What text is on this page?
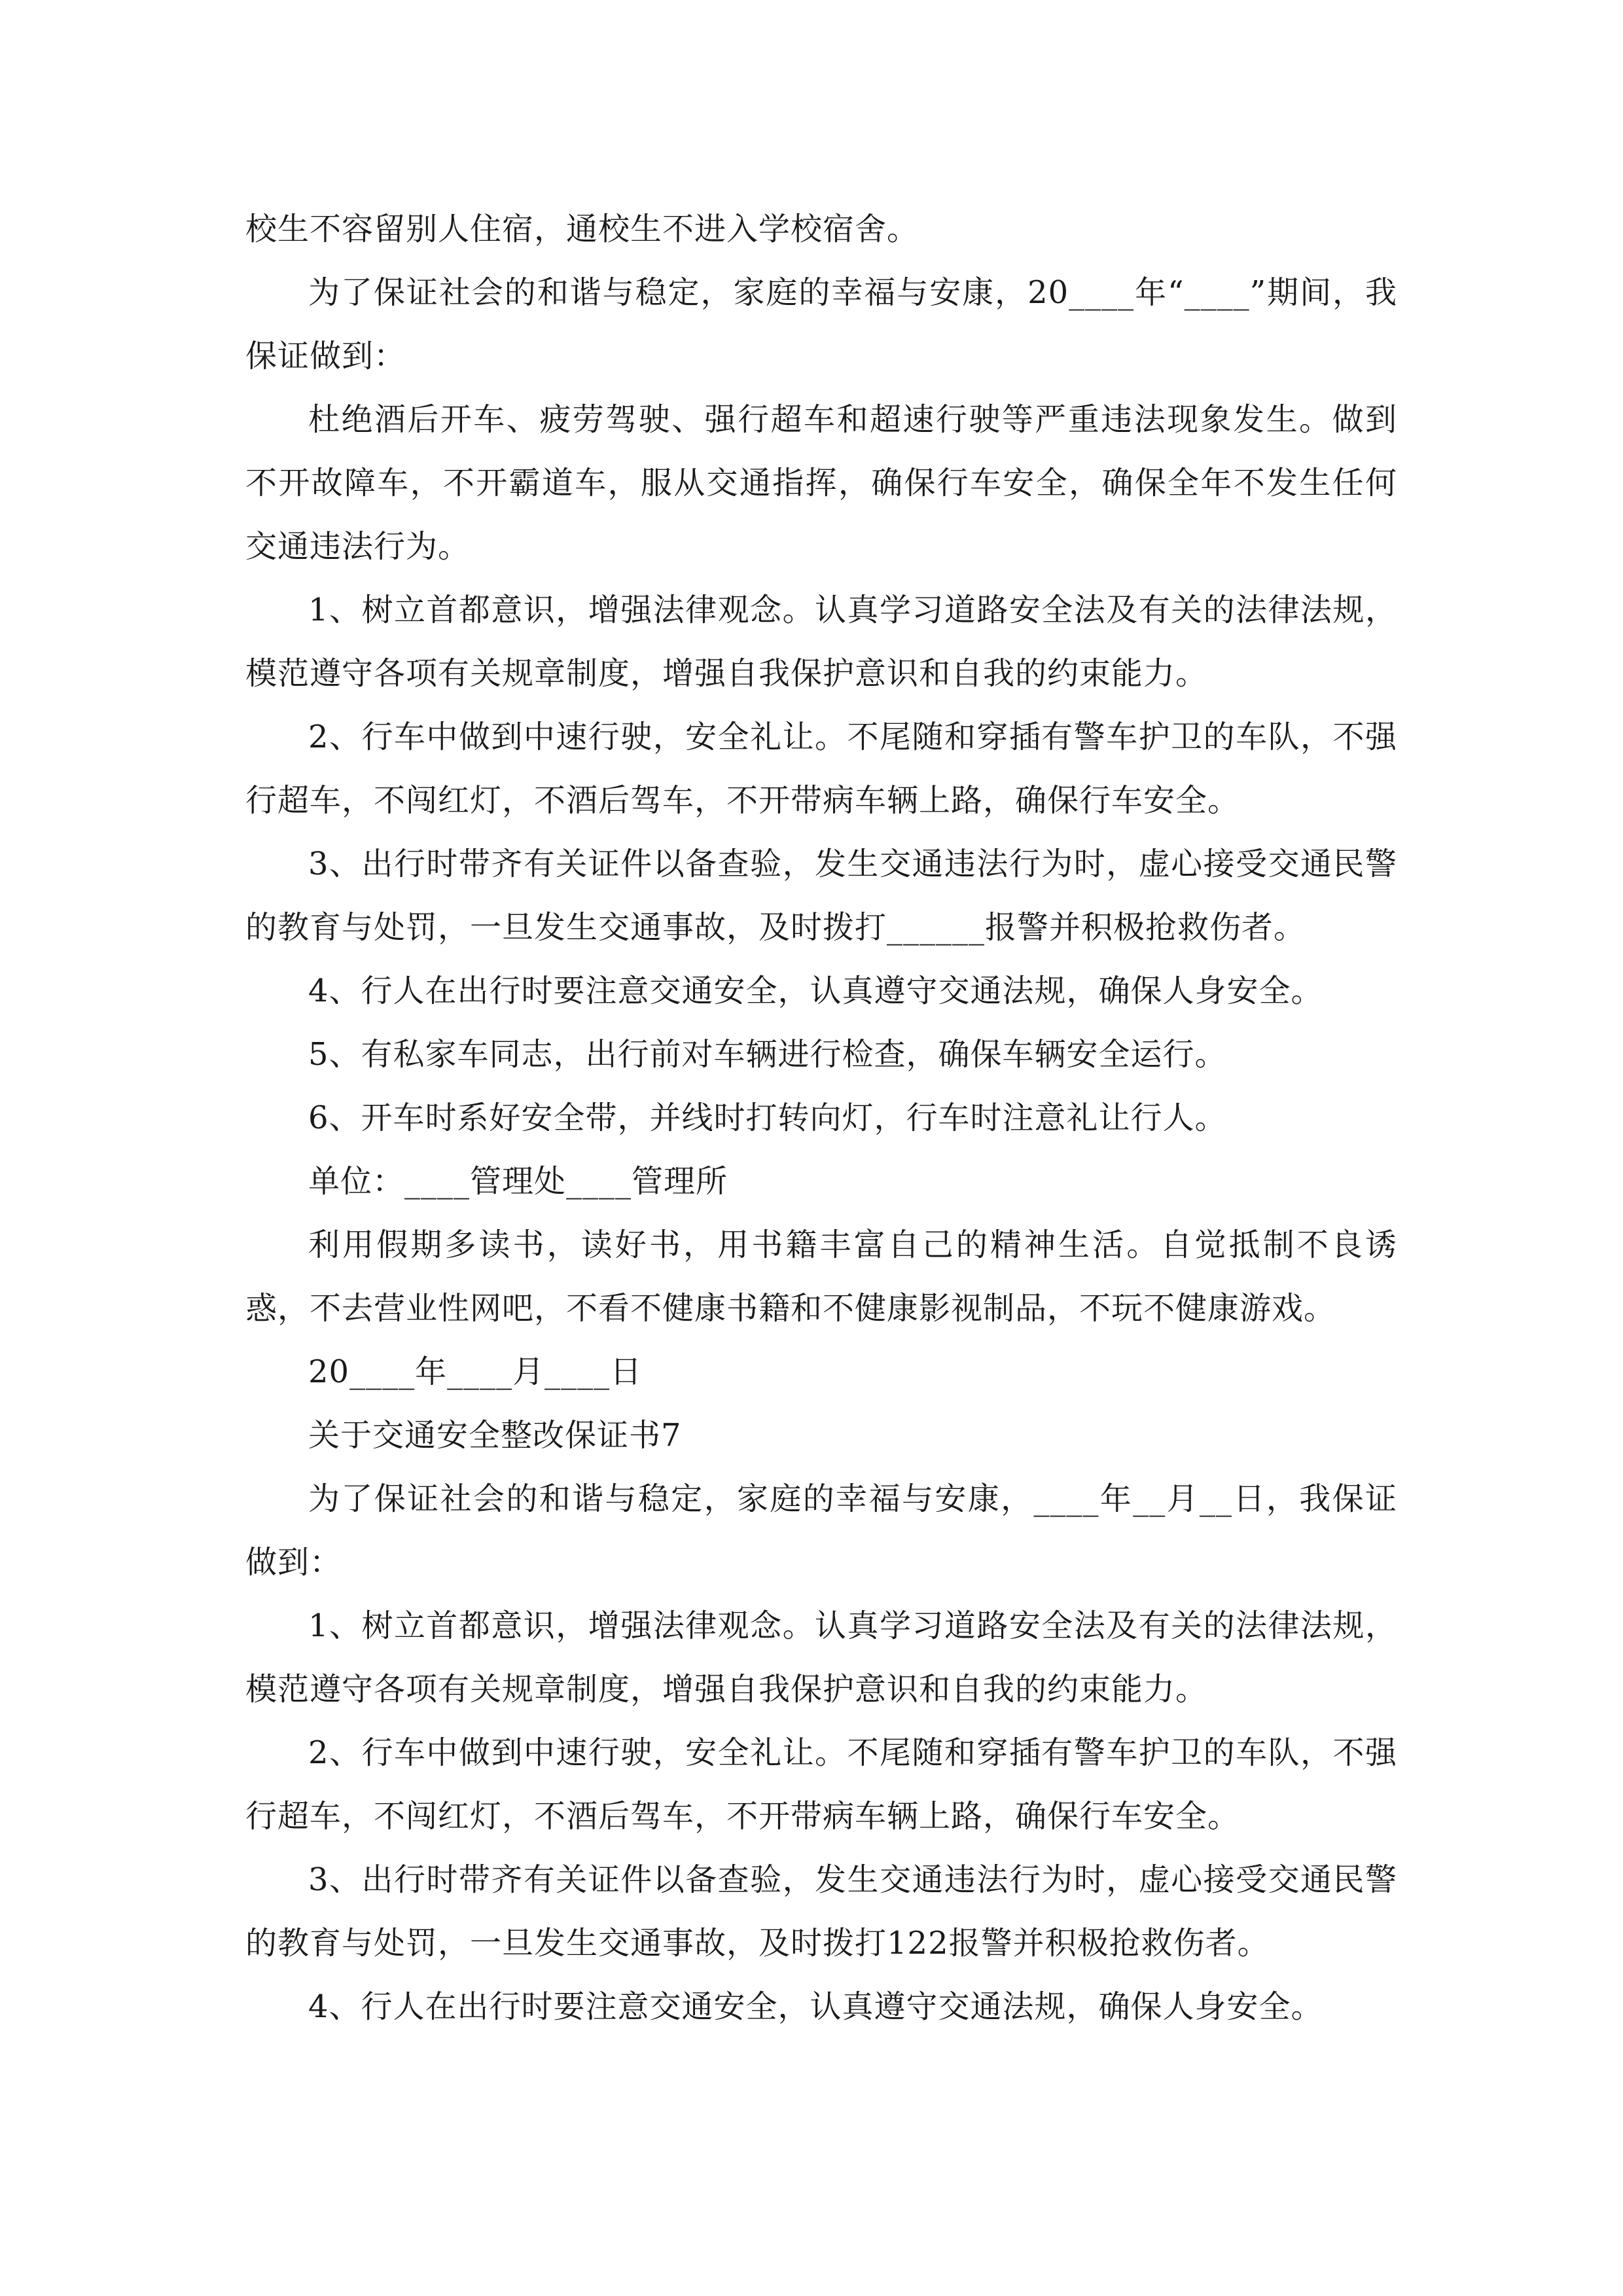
校生不容留别人住宿，通校生不进入学校宿舍。

为了保证社会的和谐与稳定，家庭的幸福与安康，20____年“____”期间，我保证做到：

杜绝酒后开车、疲劳驾驶、强行超车和超速行驶等严重违法现象发生。做到不开故障车，不开霸道车，服从交通指挥，确保行车安全，确保全年不发生任何交通违法行为。

1、树立首都意识，增强法律观念。认真学习道路安全法及有关的法律法规，模范遵守各项有关规章制度，增强自我保护意识和自我的约束能力。

2、行车中做到中速行驶，安全礼让。不尾随和穿插有警车护卫的车队，不强行超车，不闯红灯，不酒后驾车，不开带病车辆上路，确保行车安全。

3、出行时带齐有关证件以备查验，发生交通违法行为时，虚心接受交通民警的教育与处罚，一旦发生交通事故，及时拨打______报警并积极抢救伤者。

4、行人在出行时要注意交通安全，认真遵守交通法规，确保人身安全。

5、有私家车同志，出行前对车辆进行检查，确保车辆安全运行。

6、开车时系好安全带，并线时打转向灯，行车时注意礼让行人。

单位：____管理处____管理所

利用假期多读书，读好书，用书籍丰富自己的精神生活。自觉抵制不良诱惑，不去营业性网吧，不看不健康书籍和不健康影视制品，不玩不健康游戏。

20____年____月____日

关于交通安全整改保证书7

为了保证社会的和谐与稳定，家庭的幸福与安康，____年__月__日，我保证做到：

1、树立首都意识，增强法律观念。认真学习道路安全法及有关的法律法规，模范遵守各项有关规章制度，增强自我保护意识和自我的约束能力。

2、行车中做到中速行驶，安全礼让。不尾随和穿插有警车护卫的车队，不强行超车，不闯红灯，不酒后驾车，不开带病车辆上路，确保行车安全。

3、出行时带齐有关证件以备查验，发生交通违法行为时，虚心接受交通民警的教育与处罚，一旦发生交通事故，及时拨打122报警并积极抢救伤者。

4、行人在出行时要注意交通安全，认真遵守交通法规，确保人身安全。
